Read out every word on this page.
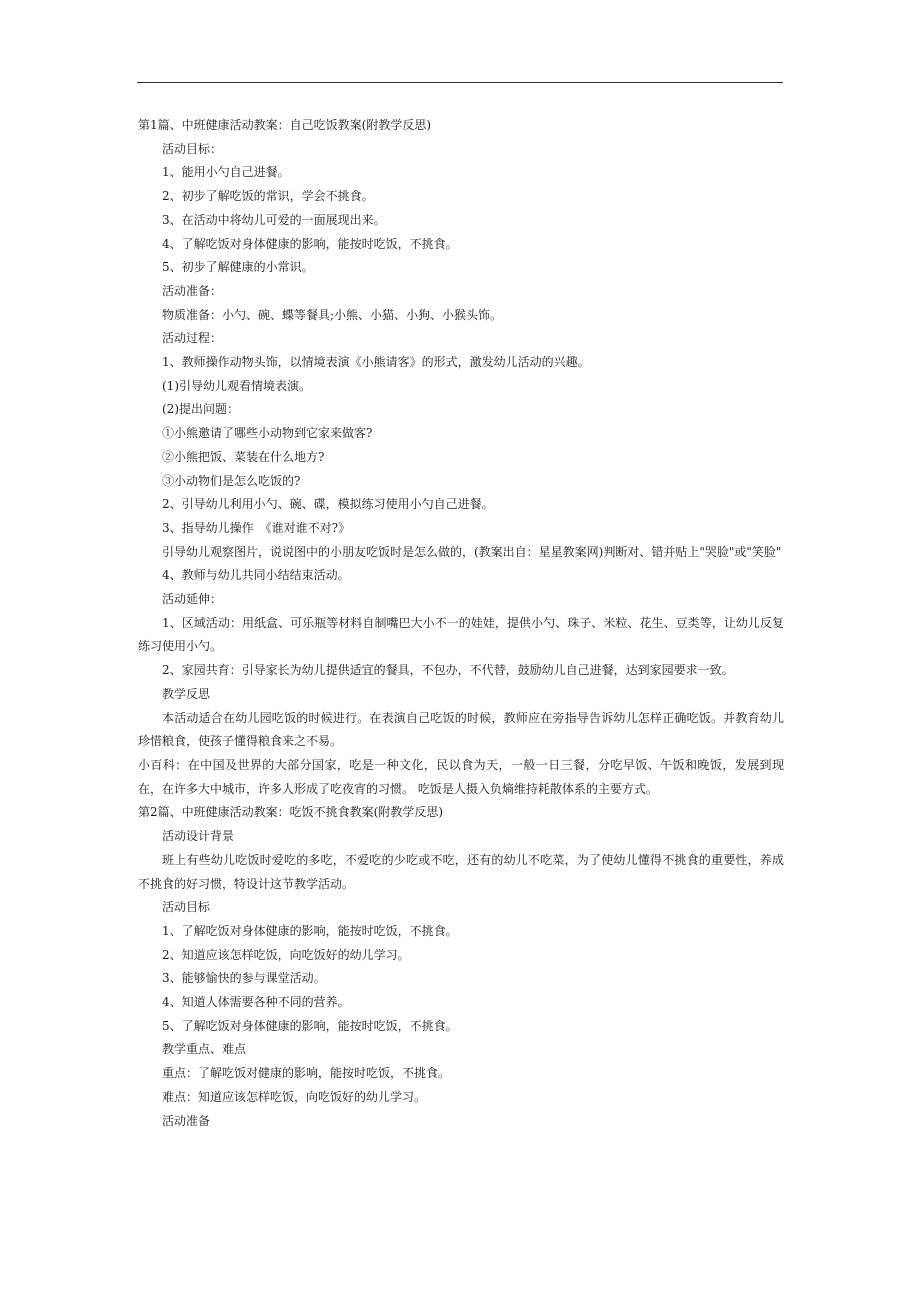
第1篇、中班健康活动教案：自己吃饭教案(附教学反思)

活动目标：

1、能用小勺自己进餐。

2、初步了解吃饭的常识，学会不挑食。

3、在活动中将幼儿可爱的一面展现出来。

4、了解吃饭对身体健康的影响，能按时吃饭，不挑食。

5、初步了解健康的小常识。

活动准备：

物质准备：小勺、碗、蝶等餐具;小熊、小猫、小狗、小猴头饰。

活动过程：

1、教师操作动物头饰，以情境表演《小熊请客》的形式，激发幼儿活动的兴趣。

(1)引导幼儿观看情境表演。

(2)提出问题：

①小熊邀请了哪些小动物到它家来做客?

②小熊把饭、菜装在什么地方?

③小动物们是怎么吃饭的?

2、引导幼儿利用小勺、碗、碟，模拟练习使用小勺自己进餐。

3、指导幼儿操作　《谁对谁不对?》

引导幼儿观察图片，说说图中的小朋友吃饭时是怎么做的，(教案出自：星星教案网)判断对、错并贴上"哭脸"或"笑脸"

4、教师与幼儿共同小结结束活动。

活动延伸：

1、区域活动：用纸盒、可乐瓶等材料自制嘴巴大小不一的娃娃，提供小勺、珠子、米粒、花生、豆类等，让幼儿反复练习使用小勺。

2、家园共育：引导家长为幼儿提供适宜的餐具，不包办，不代替，鼓励幼儿自己进餐，达到家园要求一致。

教学反思

本活动适合在幼儿园吃饭的时候进行。在表演自己吃饭的时候，教师应在旁指导告诉幼儿怎样正确吃饭。并教育幼儿珍惜粮食，使孩子懂得粮食来之不易。

小百科：在中国及世界的大部分国家，吃是一种文化，民以食为天，一般一日三餐，分吃早饭、午饭和晚饭，发展到现在，在许多大中城市，许多人形成了吃夜宵的习惯。 吃饭是人摄入负熵维持耗散体系的主要方式。

第2篇、中班健康活动教案：吃饭不挑食教案(附教学反思)

活动设计背景

班上有些幼儿吃饭时爱吃的多吃，不爱吃的少吃或不吃，还有的幼儿不吃菜，为了使幼儿懂得不挑食的重要性，养成不挑食的好习惯，特设计这节教学活动。

活动目标

1、了解吃饭对身体健康的影响，能按时吃饭，不挑食。

2、知道应该怎样吃饭，向吃饭好的幼儿学习。

3、能够愉快的参与课堂活动。

4、知道人体需要各种不同的营养。

5、了解吃饭对身体健康的影响，能按时吃饭，不挑食。

教学重点、难点

重点：了解吃饭对健康的影响，能按时吃饭，不挑食。

难点：知道应该怎样吃饭，向吃饭好的幼儿学习。

活动准备
